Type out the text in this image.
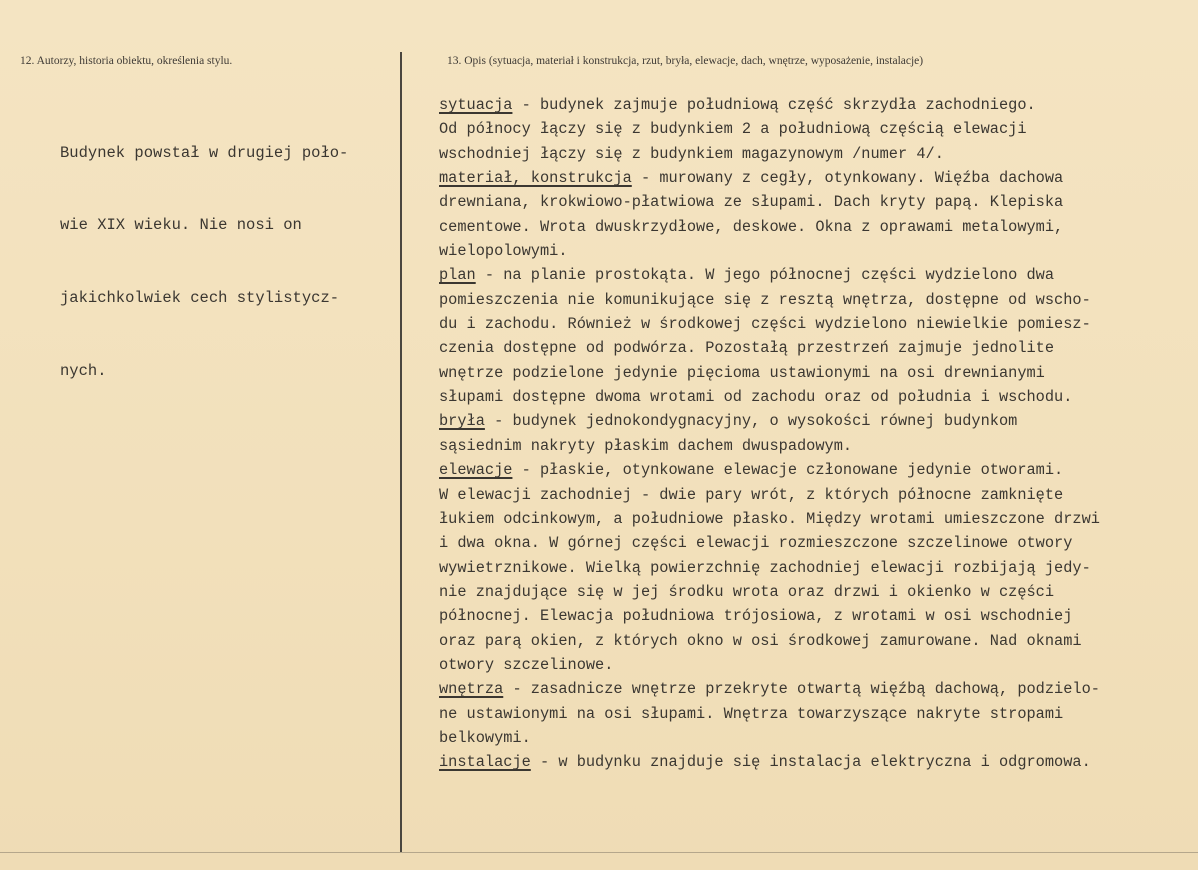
12. Autorzy, historia obiektu, określenia stylu.	13. Opis (sytuacja, materiał i konstrukcja, rzut, bryła, elewacje, dach, wnętrze, wyposażenie, instalacje)

Budynek powstał w drugiej poło-

wie XIX wieku. Nie nosi on

jakichkolwiek cech stylistycz-

nych.

sytuacja - budynek zajmuje południową część skrzydła zachodniego.
Od północy łączy się z budynkiem 2 a południową częścią elewacji
wschodniej łączy się z budynkiem magazynowym /numer 4/.
materiał, konstrukcja - murowany z cegły, otynkowany. Więźba dachowa
drewniana, krokwiowo-płatwiowa ze słupami. Dach kryty papą. Klepiska
cementowe. Wrota dwuskrzydłowe, deskowe. Okna z oprawami metalowymi,
wielopolowymi.
plan - na planie prostokąta. W jego północnej części wydzielono dwa
pomieszczenia nie komunikujące się z resztą wnętrza, dostępne od wscho-
du i zachodu. Również w środkowej części wydzielono niewielkie pomiesz-
czenia dostępne od podwórza. Pozostałą przestrzeń zajmuje jednolite
wnętrze podzielone jedynie pięcioma ustawionymi na osi drewnianymi
słupami dostępne dwoma wrotami od zachodu oraz od południa i wschodu.
bryła - budynek jednokondygnacyjny, o wysokości równej budynkom
sąsiednim nakryty płaskim dachem dwuspadowym.
elewacje - płaskie, otynkowane elewacje członowane jedynie otworami.
W elewacji zachodniej - dwie pary wrót, z których północne zamknięte
łukiem odcinkowym, a południowe płasko. Między wrotami umieszczone drzwi
i dwa okna. W górnej części elewacji rozmieszczone szczelinowe otwory
wywietrznikowe. Wielką powierzchnię zachodniej elewacji rozbijają jedy-
nie znajdujące się w jej środku wrota oraz drzwi i okienko w części
północnej. Elewacja południowa trójosiowa, z wrotami w osi wschodniej
oraz parą okien, z których okno w osi środkowej zamurowane. Nad oknami
otwory szczelinowe.
wnętrza - zasadnicze wnętrze przekryte otwartą więźbą dachową, podzielo-
ne ustawionymi na osi słupami. Wnętrza towarzyszące nakryte stropami
belkowymi.
instalacje - w budynku znajduje się instalacja elektryczna i odgromowa.
